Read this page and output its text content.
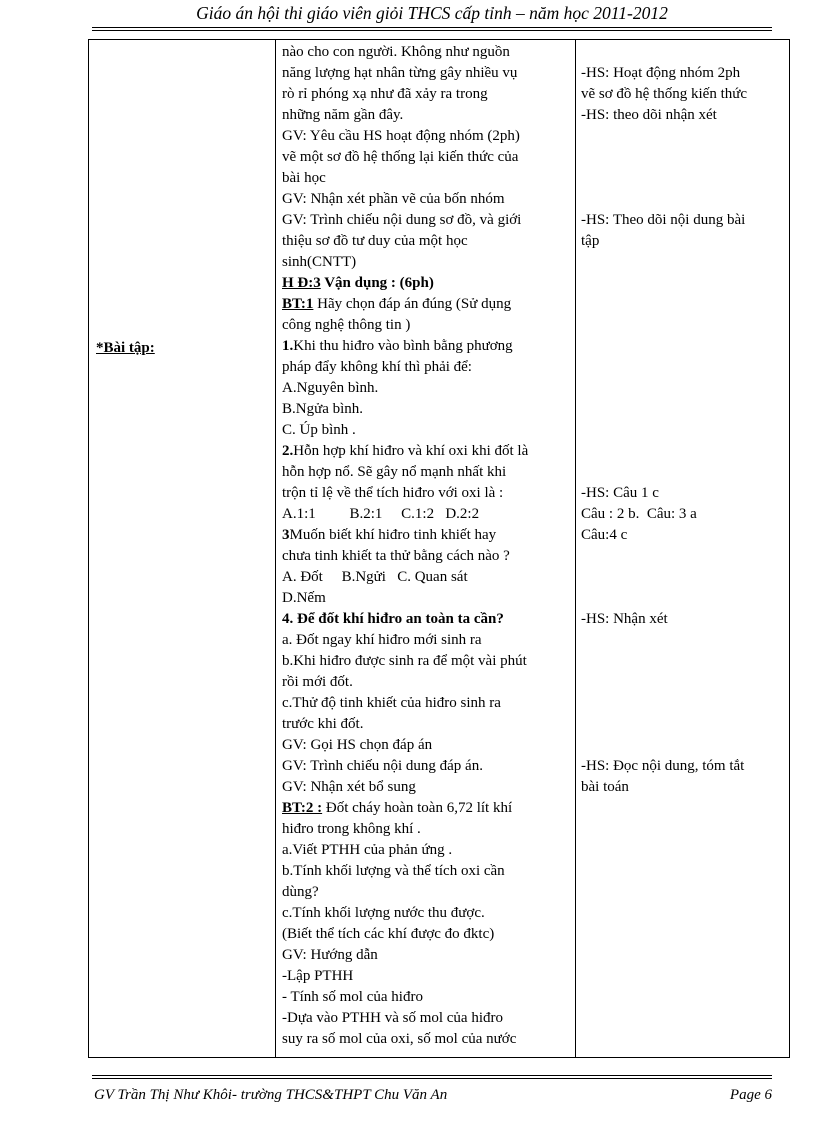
Giáo án hội thi giáo viên giỏi THCS cấp tỉnh – năm học 2011-2012
*Bài tập:
nào cho con người. Không như nguồn
năng lượng hạt nhân từng gây nhiều vụ
rò rỉ phóng xạ như đã xảy ra trong
những năm gần đây.
GV: Yêu cầu HS hoạt động nhóm (2ph)
vẽ một sơ đồ hệ thống lại kiến thức của
bài học
GV: Nhận xét phần vẽ của bốn nhóm
GV: Trình chiếu nội dung sơ đồ, và giới
thiệu sơ đồ tư duy của một học
sinh(CNTT)
H Đ:3 Vận dụng : (6ph)
BT:1 Hãy chọn đáp án đúng (Sử dụng
công nghệ thông tin )
1.Khi thu hiđro vào bình bằng phương
pháp đẩy không khí thì phải để:
A.Nguyên bình.
B.Ngửa bình.
C. Úp bình .
2.Hỗn hợp khí hiđro và khí oxi khi đốt là
hỗn hợp nổ. Sẽ gây nổ mạnh nhất khi
trộn tỉ lệ về thể tích hiđro với oxi là :
A.1:1         B.2:1     C.1:2   D.2:2
3Muốn biết khí hiđro tinh khiết hay
chưa tinh khiết ta thử bằng cách nào ?
A. Đốt     B.Ngửi   C. Quan sát
D.Nếm
4. Để đốt khí hiđro an toàn ta cần?
a. Đốt ngay khí hiđro mới sinh ra
b.Khi hiđro được sinh ra để một vài phút
rồi mới đốt.
c.Thử độ tinh khiết của hiđro sinh ra
trước khi đốt.
GV: Gọi HS chọn đáp án
GV: Trình chiếu nội dung đáp án.
GV: Nhận xét bổ sung
BT:2 : Đốt cháy hoàn toàn 6,72 lít khí
hiđro trong không khí .
a.Viết PTHH của phản ứng .
b.Tính khối lượng và thể tích oxi cần
dùng?
c.Tính khối lượng nước thu được.
(Biết thể tích các khí được đo đktc)
GV: Hướng dẫn
-Lập PTHH
- Tính số mol của hiđro
-Dựa vào PTHH và số mol của hiđro
suy ra số mol của oxi, số mol của nước
-HS: Hoạt động nhóm 2ph
vẽ sơ đồ hệ thống kiến thức
-HS: theo dõi nhận xét
-HS: Theo dõi nội dung bài
tập
-HS: Câu 1 c
Câu : 2 b.  Câu: 3 a
Câu:4 c
-HS: Nhận xét
-HS: Đọc nội dung, tóm tắt
bài toán
GV Trần Thị Như Khôi- trường THCS&THPT Chu Văn An	Page 6
